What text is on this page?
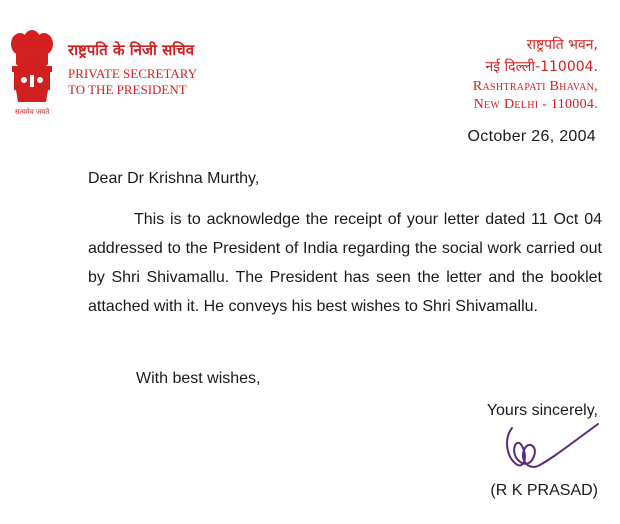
सत्यमेव जयते
राष्ट्रपति के निजी सचिव
PRIVATE SECRETARY
TO THE PRESIDENT
राष्ट्रपति भवन,
नई दिल्ली-110004.
Rashtrapati Bhavan,
New Delhi - 110004.
October 26, 2004
Dear Dr Krishna Murthy,

This is to acknowledge the receipt of your letter dated 11 Oct 04 addressed to the President of India regarding the social work carried out by Shri Shivamallu. The President has seen the letter and the booklet attached with it. He conveys his best wishes to Shri Shivamallu.

With best wishes,
Yours sincerely,
(R K PRASAD)
